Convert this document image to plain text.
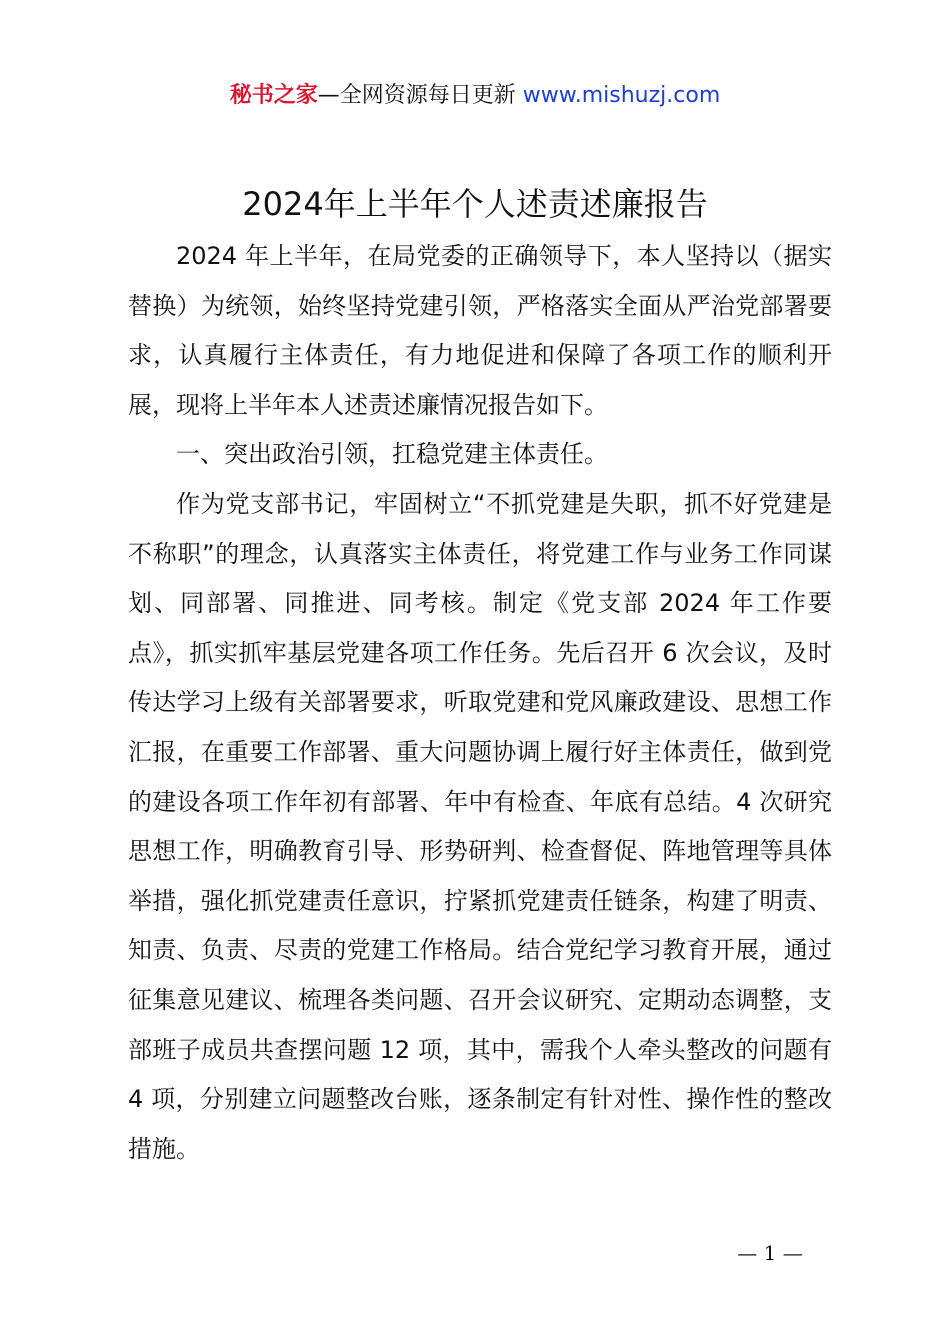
秘书之家—全网资源每日更新 www.mishuzj.com
2024年上半年个人述责述廉报告

2024 年上半年，在局党委的正确领导下，本人坚持以（据实替换）为统领，始终坚持党建引领，严格落实全面从严治党部署要求，认真履行主体责任，有力地促进和保障了各项工作的顺利开展，现将上半年本人述责述廉情况报告如下。

一、突出政治引领，扛稳党建主体责任。

作为党支部书记，牢固树立“不抓党建是失职，抓不好党建是不称职”的理念，认真落实主体责任，将党建工作与业务工作同谋划、同部署、同推进、同考核。制定《党支部 2024 年工作要点》，抓实抓牢基层党建各项工作任务。先后召开 6 次会议，及时传达学习上级有关部署要求，听取党建和党风廉政建设、思想工作汇报，在重要工作部署、重大问题协调上履行好主体责任，做到党的建设各项工作年初有部署、年中有检查、年底有总结。4 次研究思想工作，明确教育引导、形势研判、检查督促、阵地管理等具体举措，强化抓党建责任意识，拧紧抓党建责任链条，构建了明责、知责、负责、尽责的党建工作格局。结合党纪学习教育开展，通过征集意见建议、梳理各类问题、召开会议研究、定期动态调整，支部班子成员共查摆问题 12 项，其中，需我个人牵头整改的问题有 4 项，分别建立问题整改台账，逐条制定有针对性、操作性的整改措施。

— 1 —
